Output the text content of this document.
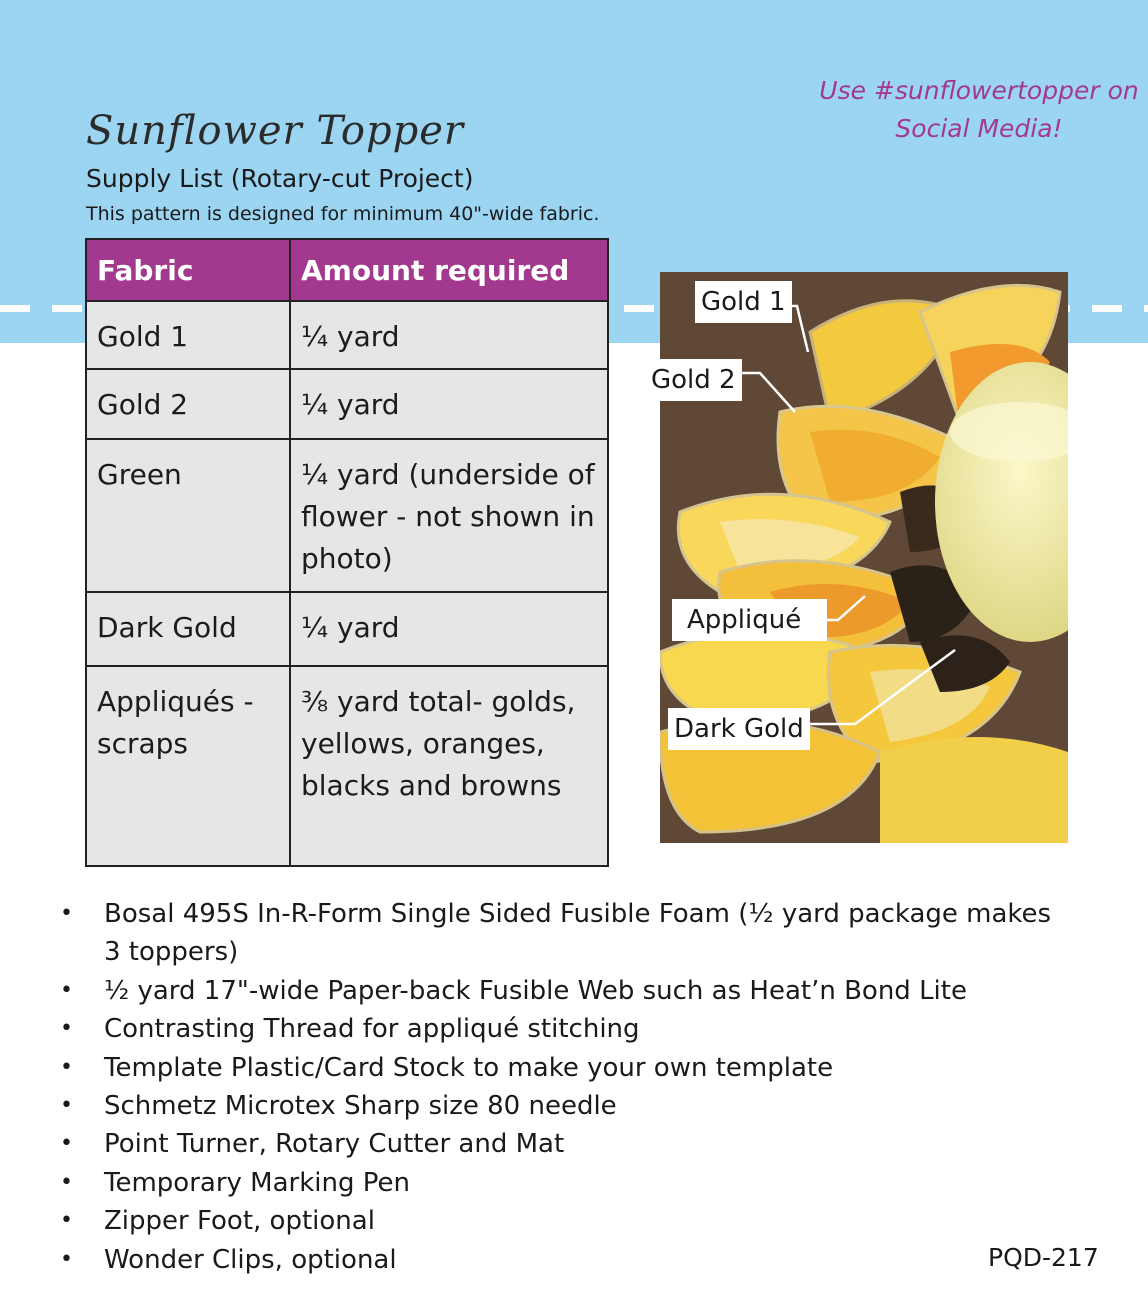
Use #sunflowertopper on
Social Media!
Sunflower Topper
Supply List (Rotary-cut Project)
This pattern is designed for minimum 40"-wide fabric.
Fabric	Amount required
Gold 1	¼ yard
Gold 2	¼ yard
Green	¼ yard (underside of flower - not shown in photo)
Dark Gold	¼ yard
Appliqués - scraps	⅜ yard total- golds, yellows, oranges, blacks and browns
Gold 1
Gold 2
Appliqué
Dark Gold
• Bosal 495S In-R-Form Single Sided Fusible Foam (½ yard package makes 3 toppers)
• ½ yard 17"-wide Paper-back Fusible Web such as Heat’n Bond Lite
• Contrasting Thread for appliqué stitching
• Template Plastic/Card Stock to make your own template
• Schmetz Microtex Sharp size 80 needle
• Point Turner, Rotary Cutter and Mat
• Temporary Marking Pen
• Zipper Foot, optional
• Wonder Clips, optional	PQD-217
